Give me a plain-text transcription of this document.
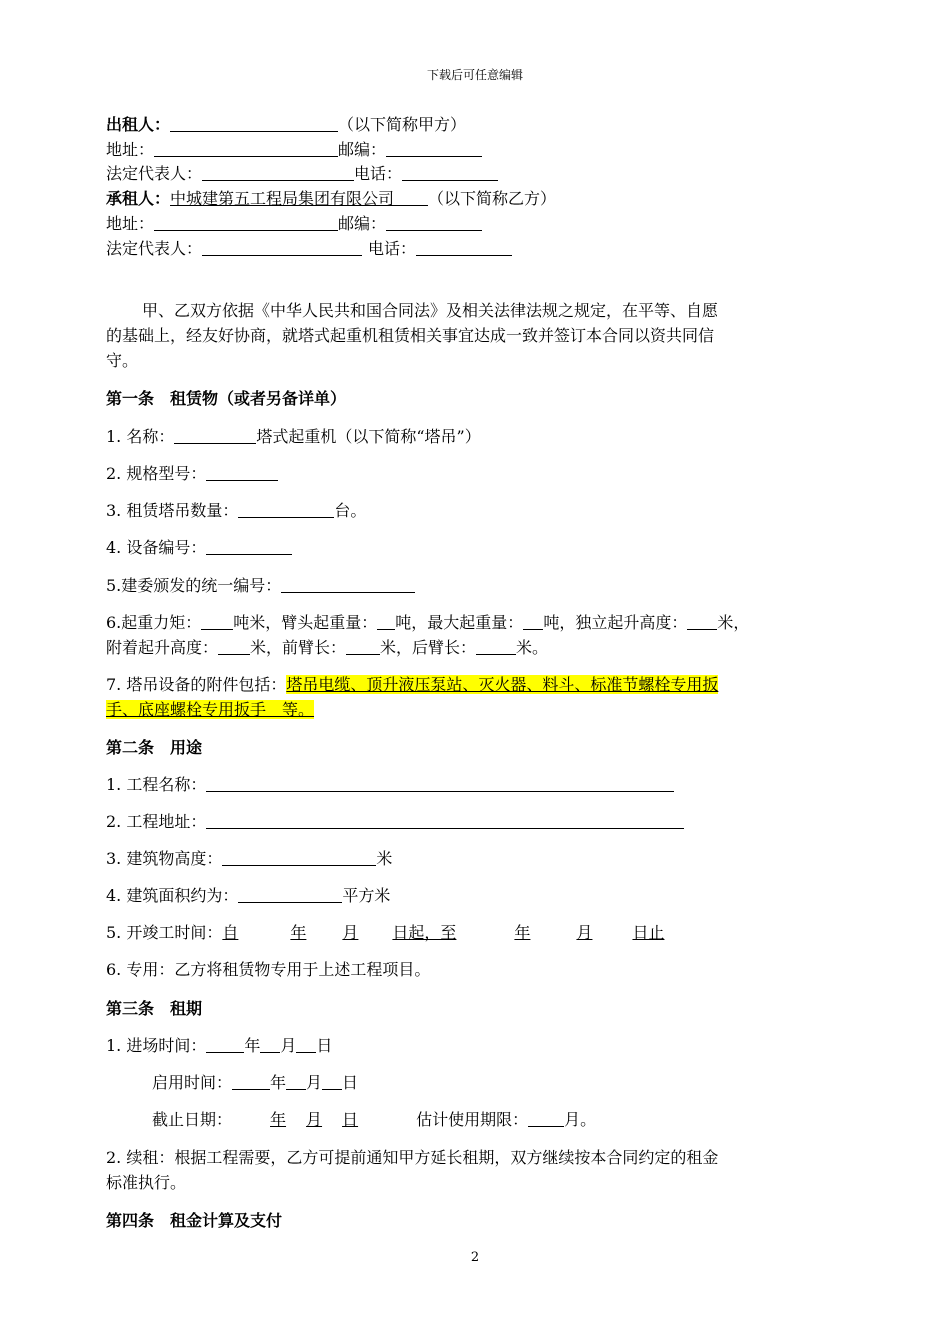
下载后可任意编辑
出租人：	（以下简称甲方）
地址：	邮编：
法定代表人：	电话：
承租人：中城建第五工程局集团有限公司 （以下简称乙方）
地址：	邮编：
法定代表人：	电话：
甲、乙双方依据《中华人民共和国合同法》及相关法律法规之规定，在平等、自愿
的基础上，经友好协商，就塔式起重机租赁相关事宜达成一致并签订本合同以资共同信
守。
第一条　租赁物（或者另备详单）
1. 名称：	塔式起重机（以下简称“塔吊”）
2. 规格型号：
3. 租赁塔吊数量：	台。
4. 设备编号：
5.建委颁发的统一编号：
6.起重力矩： 吨米，臂头起重量： 吨，最大起重量： 吨，独立起升高度： 米，
附着起升高度： 米，前臂长： 米，后臂长：	米。
7. 塔吊设备的附件包括：塔吊电缆、顶升液压泵站、灭火器、料斗、标准节螺栓专用扳
手、底座螺栓专用扳手　等。
第二条　用途
1. 工程名称：
2. 工程地址：
3. 建筑物高度：	米
4. 建筑面积约为：	平方米
5. 开竣工时间：自	年 月 日起，至	年	月	日止
6. 专用：乙方将租赁物专用于上述工程项目。
第三条　租期
1. 进场时间： 年 月 日
启用时间： 年 月 日
截止日期： 年 月 日	估计使用期限： 月。
2. 续租：根据工程需要，乙方可提前通知甲方延长租期，双方继续按本合同约定的租金
标准执行。
第四条　租金计算及支付
2
